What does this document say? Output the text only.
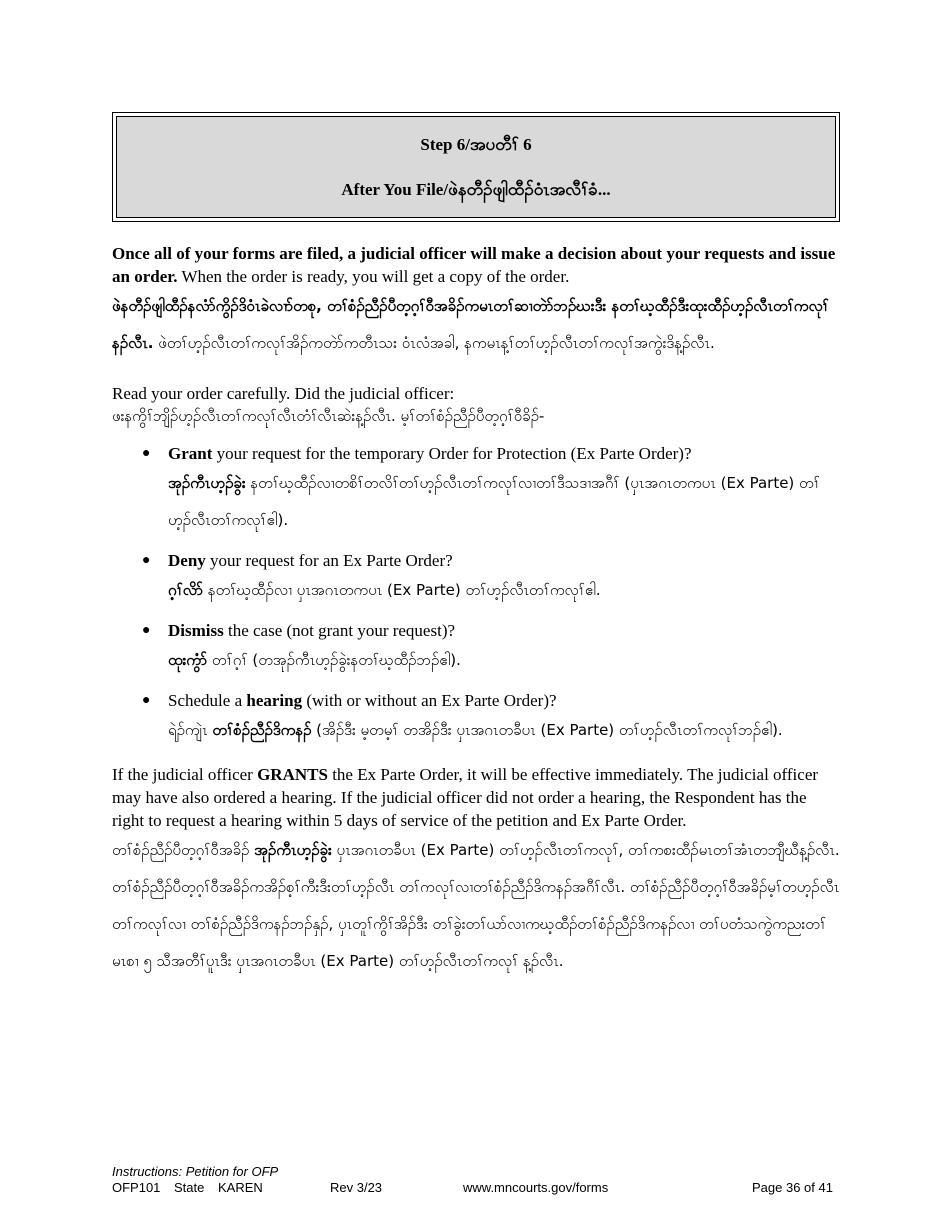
Step 6/အပတီၢ် 6
After You File/ဖဲနတီၣ်ဖျါထီၣ်ဝံၤအလီၢ်ခံ...

Once all of your forms are filed, a judicial officer will make a decision about your requests and issue an order. When the order is ready, you will get a copy of the order.

ဖဲနတီၣ်ဖျါထီၣ်နလံာ်ကွိၣ်ဒိဝံၤခဲလၢာ်တစု, တၢ်စံၣ်ညီၣ်ပီတ့ဂ့ၢ်ဝီအခိၣ်ကမၤတၢ်ဆၢတဲာ်ဘၣ်ဃးဒီး နတၢ်ဃ့ထီၣ်ဒီးထုးထီၣ်ဟ့ၣ်လီၤတၢ်ကလုၢ်နၣ်လီၤ. ဖဲတၢ်ဟ့ၣ်လီၤတၢ်ကလုၢ်အိၣ်ကတဲာ်ကတီၤသး ဝံၤလံအခါ, နကမၤန့ၢ်တၢ်ဟ့ၣ်လီၤတၢ်ကလုၢ်အကွဲးဒိန့ၣ်လီၤ.

Read your order carefully. Did the judicial officer:

ဖးနကွိၢ်ဘျိၣ်ဟ့ၣ်လီၤတၢ်ကလုၢ်လီၤတံၢ်လီၤဆဲးန့ၣ်လီၤ. မ့ၢ်တၢ်စံၣ်ညီၣ်ပီတ့ဂ့ၢ်ဝီခိၣ်-

● Grant your request for the temporary Order for Protection (Ex Parte Order)?

အုၣ်ကီၤဟ့ၣ်ခွဲး နတၢ်ဃ့ထီၣ်လၢတစိၢ်တလိၢ်တၢ်ဟ့ၣ်လီၤတၢ်ကလုၢ်လၢတၢ်ဒီသဒၢအဂီၢ် (ပှၤအဂၤတကပၤ (Ex Parte) တၢ်ဟ့ၣ်လီၤတၢ်ကလုၢ်ဧါ).

● Deny your request for an Ex Parte Order?

ဂ့ၢ်လိာ် နတၢ်ဃ့ထီၣ်လၢ ပှၤအဂၤတကပၤ (Ex Parte) တၢ်ဟ့ၣ်လီၤတၢ်ကလုၢ်ဧါ.

● Dismiss the case (not grant your request)?

ထုးကွံာ် တၢ်ဂ့ၢ် (တအုၣ်ကီၤဟ့ၣ်ခွဲးနတၢ်ဃ့ထီၣ်ဘၣ်ဧါ).

● Schedule a hearing (with or without an Ex Parte Order)?

ရဲၣ်ကျဲၤ တၢ်စံၣ်ညီၣ်ဒိကနၣ် (အိၣ်ဒီး မ့တမ့ၢ် တအိၣ်ဒီး ပှၤအဂၤတခီပၤ (Ex Parte) တၢ်ဟ့ၣ်လီၤတၢ်ကလုၢ်ဘၣ်ဧါ).

If the judicial officer GRANTS the Ex Parte Order, it will be effective immediately. The judicial officer may have also ordered a hearing. If the judicial officer did not order a hearing, the Respondent has the right to request a hearing within 5 days of service of the petition and Ex Parte Order.

တၢ်စံၣ်ညီၣ်ပီတ့ဂ့ၢ်ဝီအခိၣ် အုၣ်ကီၤဟ့ၣ်ခွဲး ပှၤအဂၤတခီပၤ (Ex Parte) တၢ်ဟ့ၣ်လီၤတၢ်ကလုၢ်, တၢ်ကစးထီၣ်မၤတၢ်အံၤတဘျီဃီန့ၣ်လီၤ. တၢ်စံၣ်ညီၣ်ပီတ့ဂ့ၢ်ဝီအခိၣ်ကအိၣ်စ့ၢ်ကီးဒီးတၢ်ဟ့ၣ်လီၤ တၢ်ကလုၢ်လၢတၢ်စံၣ်ညီၣ်ဒိကနၣ်အဂီၢ်လီၤ. တၢ်စံၣ်ညီၣ်ပီတ့ဂ့ၢ်ဝီအခိၣ်မ့ၢ်တဟ့ၣ်လီၤတၢ်ကလုၢ်လၢ တၢ်စံၣ်ညီၣ်ဒိကနၣ်ဘၣ်နှၣ်, ပှၤတူၢ်ကွိၢ်အိၣ်ဒီး တၢ်ခွဲးတၢ်ယာ်လၢကဃ့ထီၣ်တၢ်စံၣ်ညီၣ်ဒိကနၣ်လၢ တၢ်ပတံသကွဲကညးတၢ်မၤစၢ ၅ သီအတီၢ်ပူၤဒီး ပှၤအဂၤတခီပၤ (Ex Parte) တၢ်ဟ့ၣ်လီၤတၢ်ကလုၢ် န့ၣ်လီၤ.

Instructions: Petition for OFP
OFP101 State KAREN	Rev 3/23	www.mncourts.gov/forms	Page 36 of 41
